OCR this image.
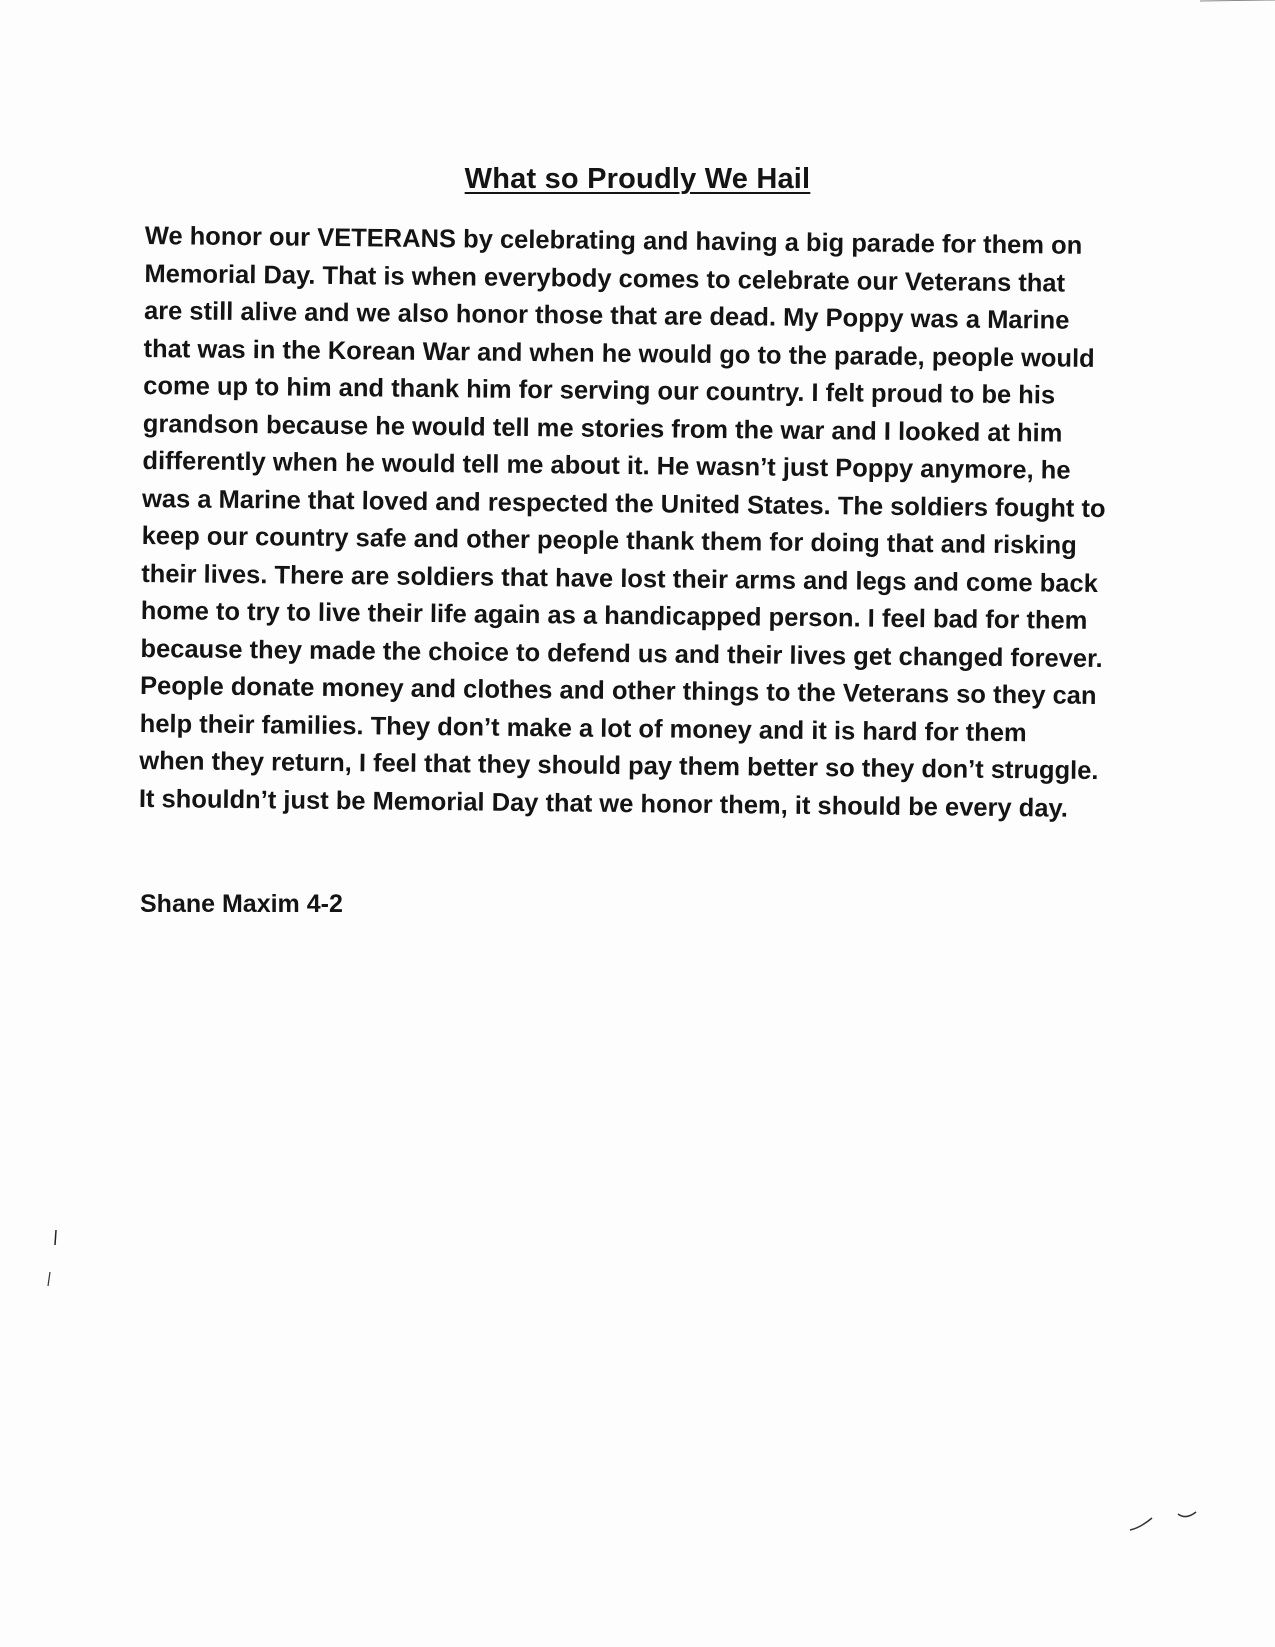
What so Proudly We Hail
We honor our VETERANS by celebrating and having a big parade for them on
Memorial Day. That is when everybody comes to celebrate our Veterans that
are still alive and we also honor those that are dead. My Poppy was a Marine
that was in the Korean War and when he would go to the parade, people would
come up to him and thank him for serving our country. I felt proud to be his
grandson because he would tell me stories from the war and I looked at him
differently when he would tell me about it. He wasn’t just Poppy anymore, he
was a Marine that loved and respected the United States. The soldiers fought to
keep our country safe and other people thank them for doing that and risking
their lives. There are soldiers that have lost their arms and legs and come back
home to try to live their life again as a handicapped person. I feel bad for them
because they made the choice to defend us and their lives get changed forever.
People donate money and clothes and other things to the Veterans so they can
help their families. They don’t make a lot of money and it is hard for them
when they return, I feel that they should pay them better so they don’t struggle.
It shouldn’t just be Memorial Day that we honor them, it should be every day.
Shane Maxim 4-2
